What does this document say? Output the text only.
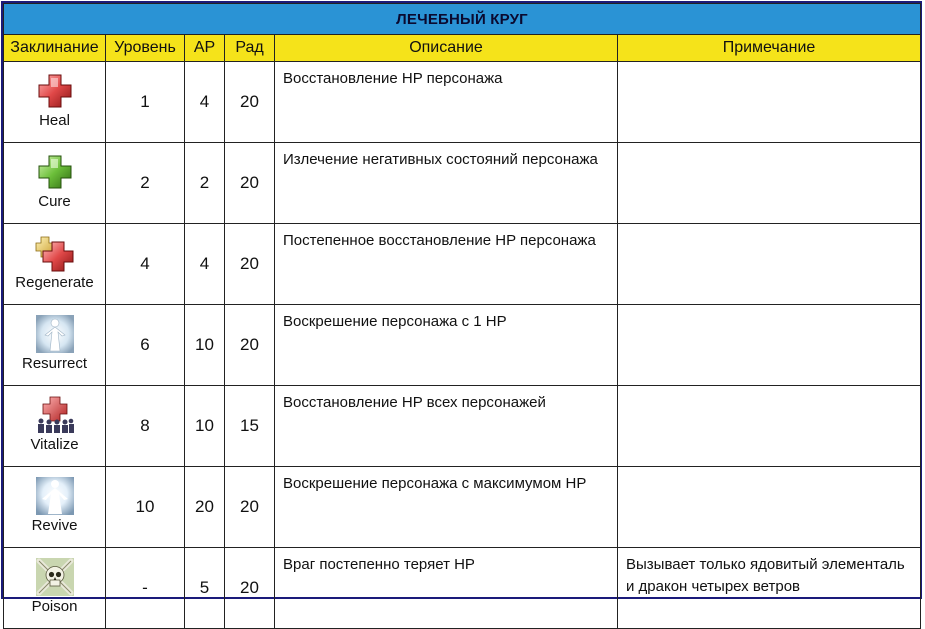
ЛЕЧЕБНЫЙ КРУГ					
Заклинание	Уровень	AP	Рад	Описание	Примечание

Heal	1	4	20	Восстановление HP персонажа	

Cure	2	2	20	Излечение негативных состояний персонажа	

Regenerate	4	4	20	Постепенное восстановление HP персонажа	

Resurrect	6	10	20	Воскрешение персонажа с 1 HP	

Vitalize	8	10	15	Восстановление HP всех персонажей	

Revive	10	20	20	Воскрешение персонажа с максимумом HP	

Poison	-	5	20	Враг постепенно теряет HP	Вызывает только ядовитый элементаль и дракон четырех ветров
